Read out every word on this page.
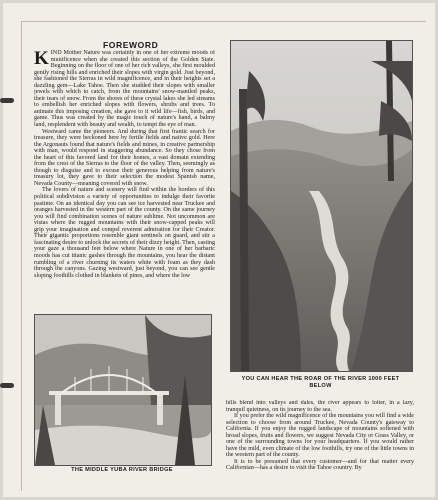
FOREWORD

KIND Mother Nature was certainly in one of her extreme moods of munificence when she created this section of the Golden State. Beginning on the floor of one of her rich valleys, she first moulded gently rising hills and enriched their slopes with virgin gold. Just beyond, she fashioned the Sierras in wild magnificence, and in their heights set a dazzling gem—Lake Tahoe. Then she studded their slopes with smaller jewels with which to catch, from the mountains' snow-mantled peaks, their tears of snow. From the shores of these crystal lakes she led streams to embellish her enriched slopes with flowers, shrubs and trees. To animate this imposing creation, she gave to it wild life—fish, birds, and game. Thus was created by the magic touch of nature's hand, a balmy land, resplendent with beauty and wealth, to tempt the eye of man.

Westward came the pioneers. And during that first frantic search for treasure, they were beckoned here by fertile fields and native gold. Here the Argonauts found that nature's fields and mines, in creative partnership with man, would respond in staggering abundance. So they chose from the heart of this favored land for their homes, a vast domain extending from the crest of the Sierras to the floor of the valley. Then, seemingly as though to disguise and to excuse their generous helping from nature's treasury lot, they gave to their selection the modest Spanish name, Nevada County—meaning covered with snow.

The lovers of nature and scenery will find within the borders of this political subdivision a variety of opportunities to indulge their favorite pastime. On an identical day you can see ice harvested near Truckee and oranges harvested in the western part of the county. On the same journey you will find combination scenes of nature sublime. Not uncommon are vistas where the rugged mountains with their snow-capped peaks will grip your imagination and compel reverent admiration for their Creator. Their gigantic proportions resemble giant sentinels on guard, and stir a fascinating desire to unlock the secrets of their dizzy height. Then, casting your gaze a thousand feet below where Nature in one of her barbaric moods has cut titanic gashes through the mountains, you hear the distant rumbling of a river churning its waters white with foam as they dash through the canyons. Gazing westward, just beyond, you can see gentle sloping foothills clothed in blankets of pines, and where the low

YOU CAN HEAR THE ROAR OF THE RIVER 1000 FEET BELOW
THE MIDDLE YUBA RIVER BRIDGE

hills blend into valleys and dales, the river appears to loiter, in a lazy, tranquil quietness, on its journey to the sea.

If you prefer the wild magnificence of the mountains you will find a wide selection to choose from around Truckee, Nevada County's gateway to California. If you enjoy the rugged landscape of mountains softened with broad slopes, fruits and flowers, we suggest Nevada City or Grass Valley, or one of the surrounding towns for your headquarters. If you would rather have the mild, even climate of the low foothills, try one of the little towns in the western part of the county.

It is to be presumed that every customer—and for that matter every Californian—has a desire to visit the Tahoe country. By
